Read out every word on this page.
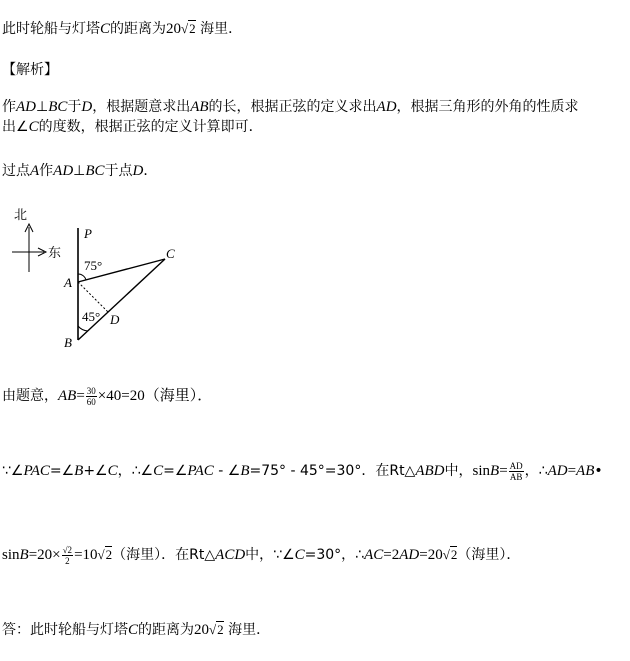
此时轮船与灯塔C的距离为20√2 海里．
【解析】
作AD⊥BC于D，根据题意求出AB的长，根据正弦的定义求出AD，根据三角形的外角的性质求
出∠C的度数，根据正弦的定义计算即可．
过点A作AD⊥BC于点D．
北
东
P
75°
A
C
D
45°
B
由题意，$AB= \frac{30}{60} \times 40=20$（海里）．
∵∠PAC=∠B+∠C，∴∠C=∠PAC - ∠B=75° - 45°=30°．在Rt△ABD中，$\sin B= \frac{AD}{AB}$ ，∴AD=AB•
$\sin B=20\times \frac{√2}{2} =10√2$（海里）．在Rt△ACD中，∵∠C=30°，∴AC=2AD=20√2（海里）．
答：此时轮船与灯塔C的距离为20√2 海里．
